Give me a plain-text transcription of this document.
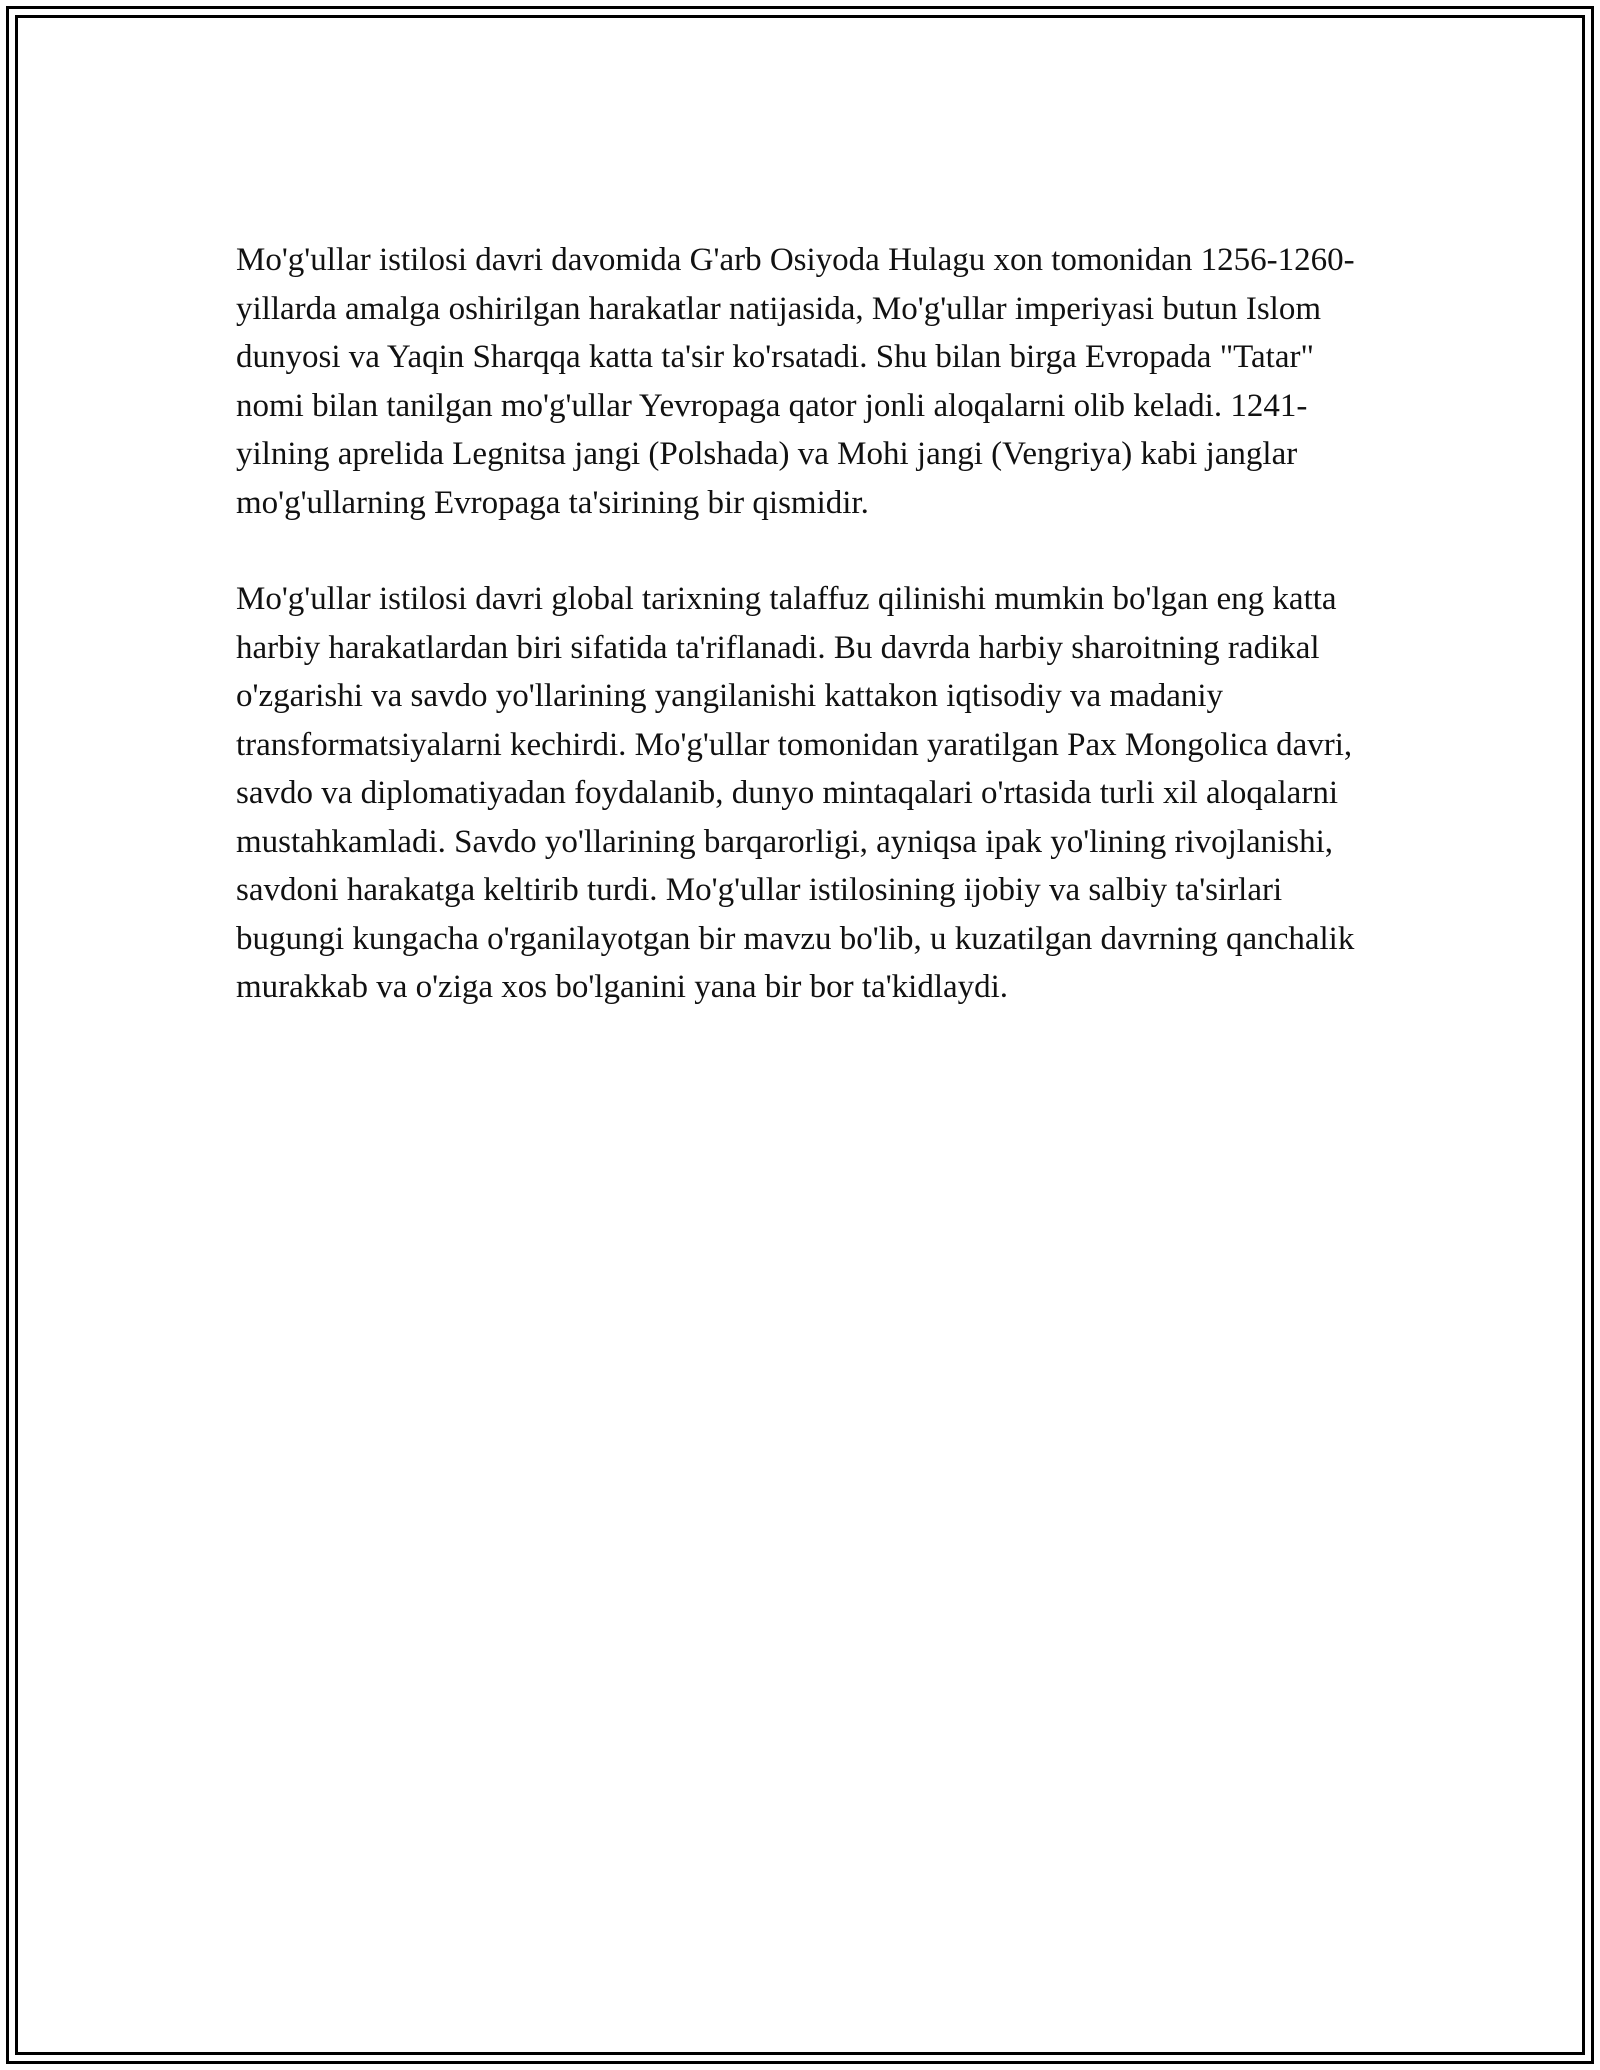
Mo'g'ullar istilosi davri davomida G'arb Osiyoda Hulagu xon tomonidan 1256-1260-yillarda amalga oshirilgan harakatlar natijasida, Mo'g'ullar imperiyasi butun Islom dunyosi va Yaqin Sharqqa katta ta'sir ko'rsatadi. Shu bilan birga Evropada "Tatar" nomi bilan tanilgan mo'g'ullar Yevropaga qator jonli aloqalarni olib keladi. 1241-yilning aprelida Legnitsa jangi (Polshada) va Mohi jangi (Vengriya) kabi janglar mo'g'ullarning Evropaga ta'sirining bir qismidir.

Mo'g'ullar istilosi davri global tarixning talaffuz qilinishi mumkin bo'lgan eng katta harbiy harakatlardan biri sifatida ta'riflanadi. Bu davrda harbiy sharoitning radikal o'zgarishi va savdo yo'llarining yangilanishi kattakon iqtisodiy va madaniy transformatsiyalarni kechirdi. Mo'g'ullar tomonidan yaratilgan Pax Mongolica davri, savdo va diplomatiyadan foydalanib, dunyo mintaqalari o'rtasida turli xil aloqalarni mustahkamladi. Savdo yo'llarining barqarorligi, ayniqsa ipak yo'lining rivojlanishi, savdoni harakatga keltirib turdi. Mo'g'ullar istilosining ijobiy va salbiy ta'sirlari bugungi kungacha o'rganilayotgan bir mavzu bo'lib, u kuzatilgan davrning qanchalik murakkab va o'ziga xos bo'lganini yana bir bor ta'kidlaydi.
